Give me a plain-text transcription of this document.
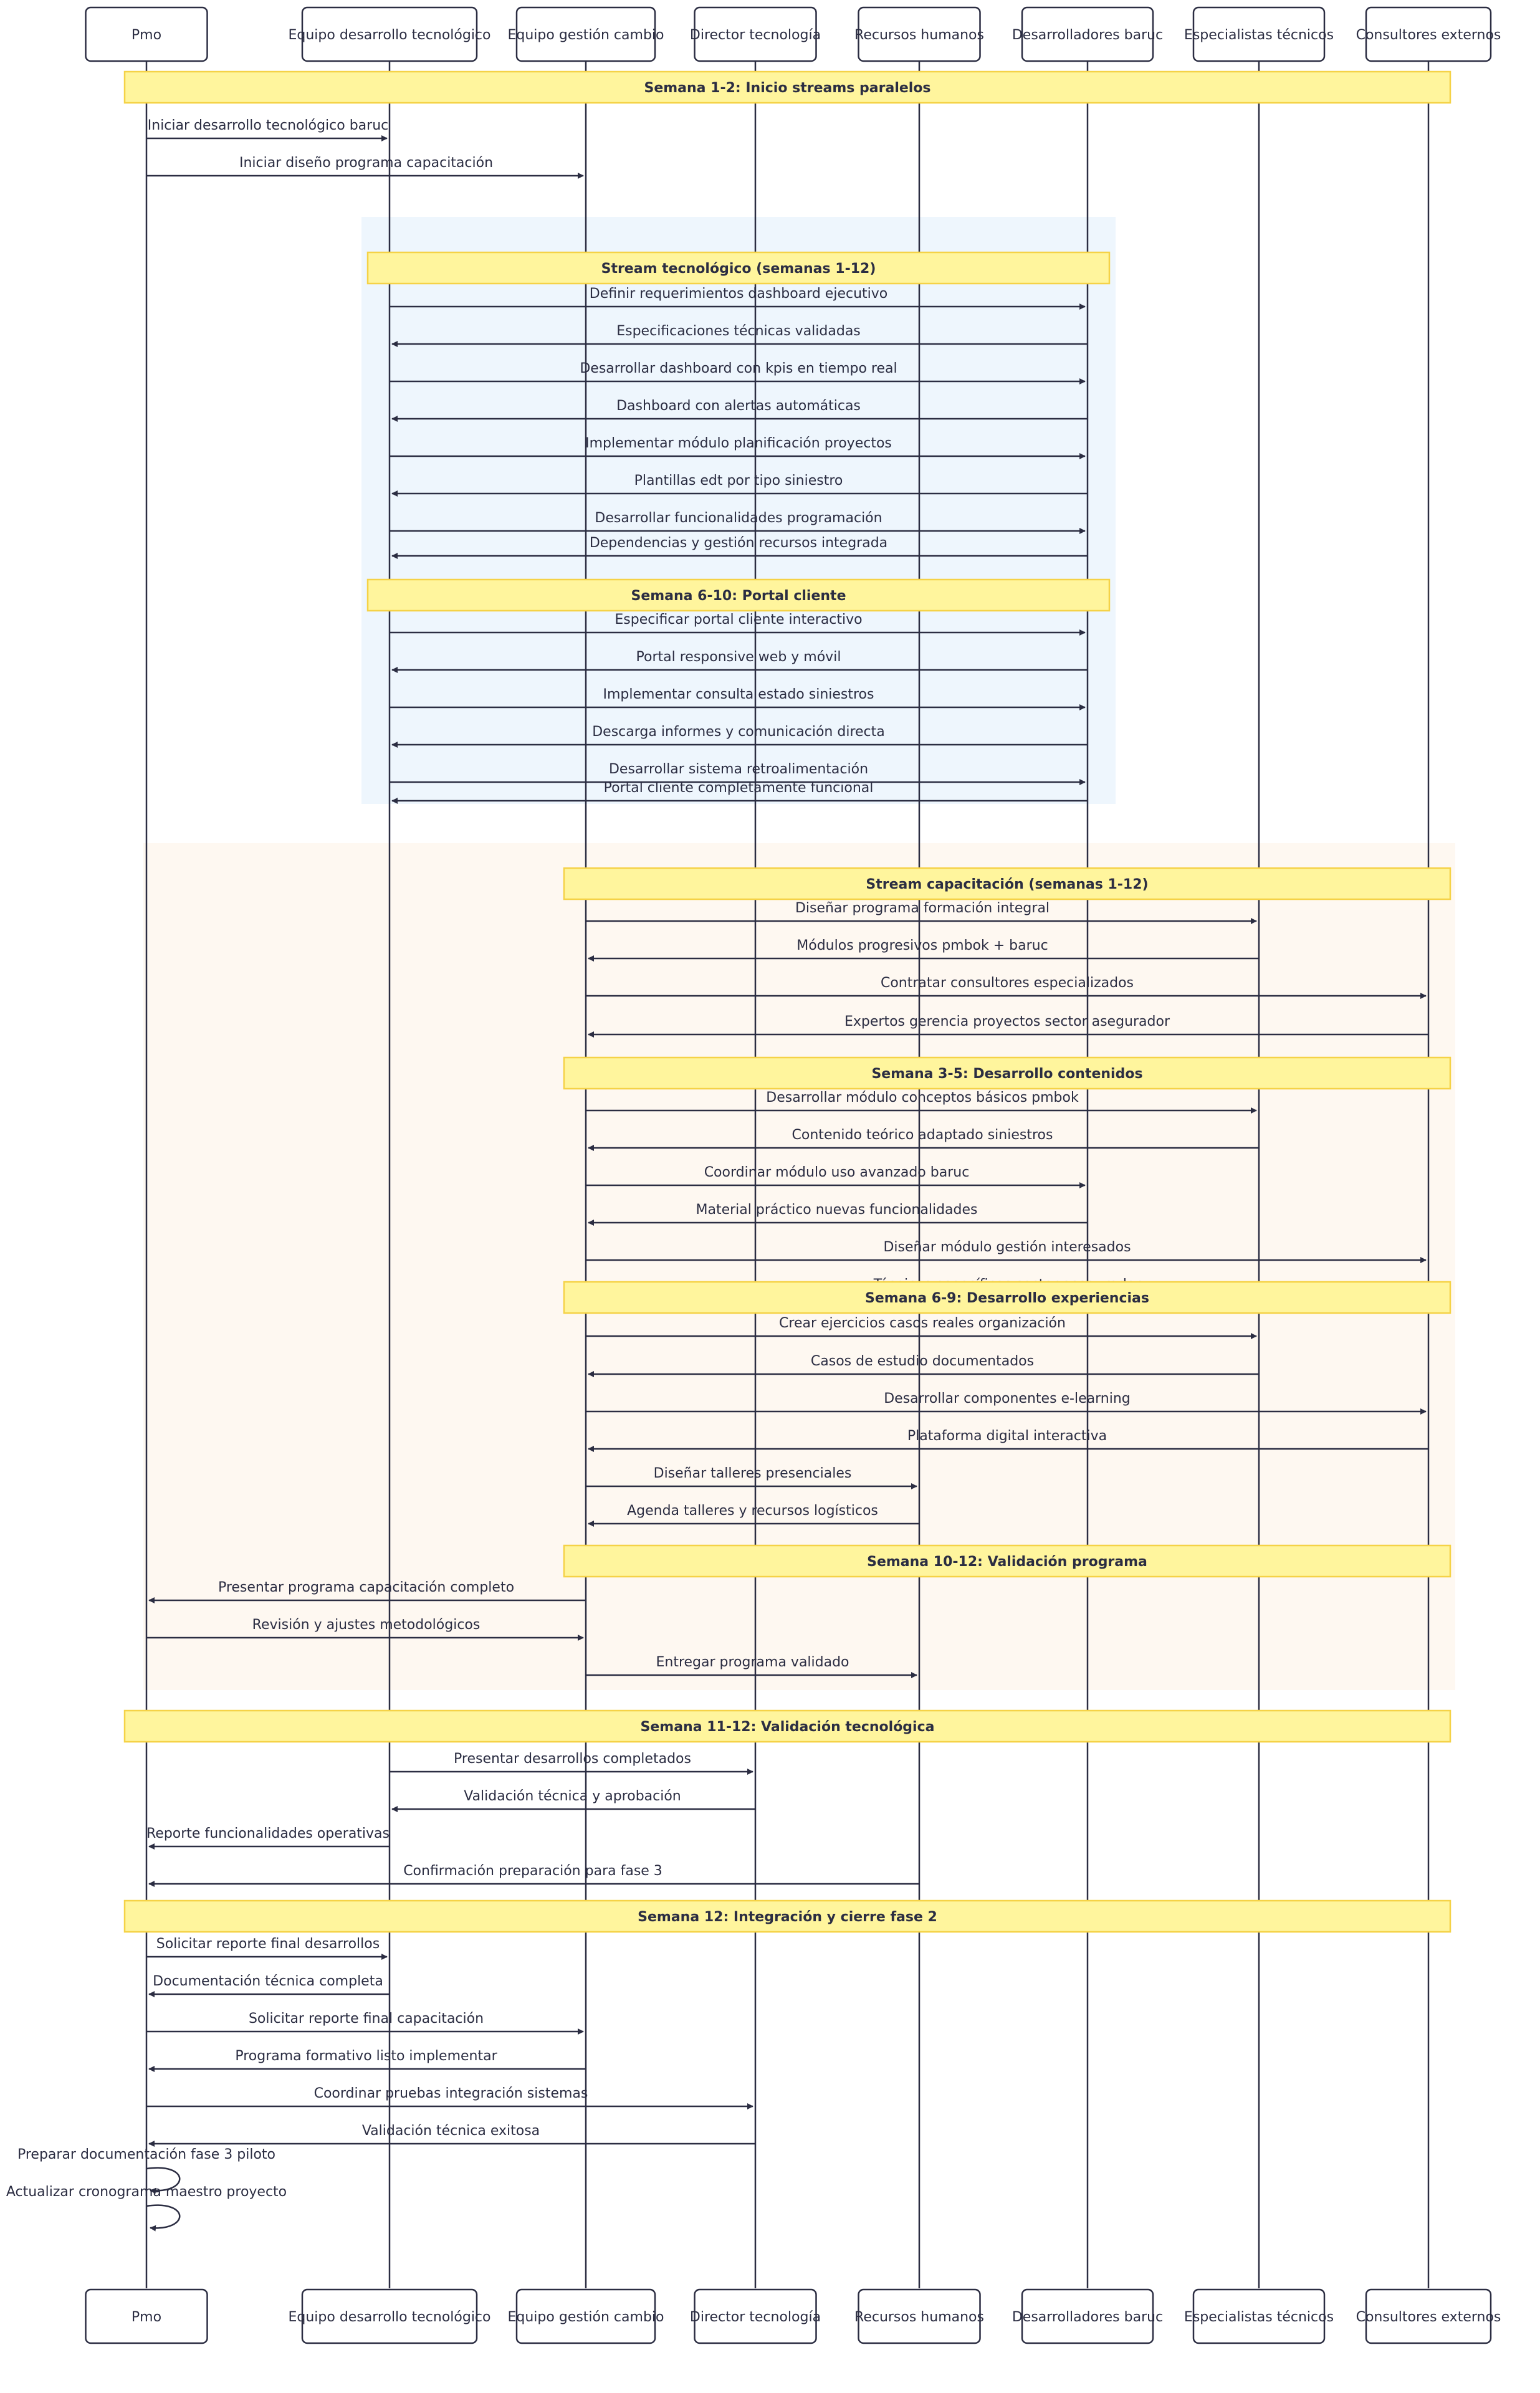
Semana 1-2: Inicio streams paralelos
Iniciar desarrollo tecnológico baruc
Iniciar diseño programa capacitación
Stream tecnológico (semanas 1-12)
Definir requerimientos dashboard ejecutivo
Especificaciones técnicas validadas
Desarrollar dashboard con kpis en tiempo real
Dashboard con alertas automáticas
Implementar módulo planificación proyectos
Plantillas edt por tipo siniestro
Desarrollar funcionalidades programación
Dependencias y gestión recursos integrada
Semana 6-10: Portal cliente
Especificar portal cliente interactivo
Portal responsive web y móvil
Implementar consulta estado siniestros
Descarga informes y comunicación directa
Desarrollar sistema retroalimentación
Portal cliente completamente funcional
Stream capacitación (semanas 1-12)
Diseñar programa formación integral
Módulos progresivos pmbok + baruc
Contratar consultores especializados
Expertos gerencia proyectos sector asegurador
Semana 3-5: Desarrollo contenidos
Desarrollar módulo conceptos básicos pmbok
Contenido teórico adaptado siniestros
Coordinar módulo uso avanzado baruc
Material práctico nuevas funcionalidades
Diseñar módulo gestión interesados
Semana 6-9: Desarrollo experiencias
Crear ejercicios casos reales organización
Casos de estudio documentados
Desarrollar componentes e-learning
Plataforma digital interactiva
Diseñar talleres presenciales
Agenda talleres y recursos logísticos
Semana 10-12: Validación programa
Presentar programa capacitación completo
Revisión y ajustes metodológicos
Entregar programa validado
Semana 11-12: Validación tecnológica
Presentar desarrollos completados
Validación técnica y aprobación
Reporte funcionalidades operativas
Confirmación preparación para fase 3
Semana 12: Integración y cierre fase 2
Solicitar reporte final desarrollos
Documentación técnica completa
Solicitar reporte final capacitación
Programa formativo listo implementar
Coordinar pruebas integración sistemas
Validación técnica exitosa
Preparar documentación fase 3 piloto
Actualizar cronograma maestro proyecto
Pmo
Pmo
Equipo desarrollo tecnológico
Equipo desarrollo tecnológico
Equipo gestión cambio
Equipo gestión cambio
Director tecnología
Director tecnología
Recursos humanos
Recursos humanos
Desarrolladores baruc
Desarrolladores baruc
Especialistas técnicos
Especialistas técnicos
Consultores externos
Consultores externos
